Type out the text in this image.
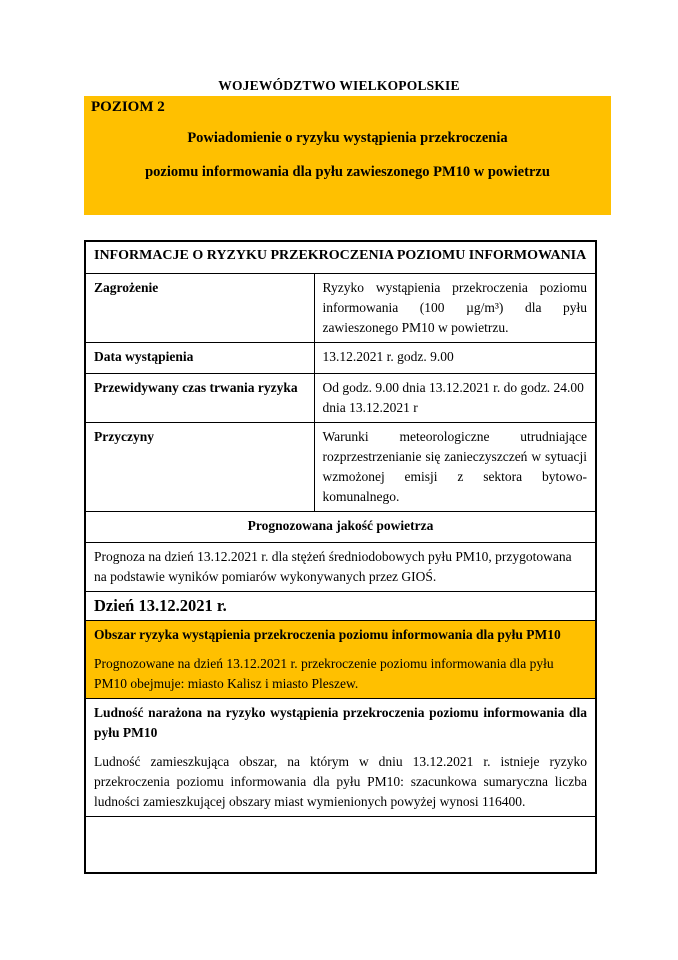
WOJEWÓDZTWO WIELKOPOLSKIE
POZIOM 2
Powiadomienie o ryzyku wystąpienia przekroczenia
poziomu informowania dla pyłu zawieszonego PM10 w powietrzu
INFORMACJE O RYZYKU PRZEKROCZENIA POZIOMU INFORMOWANIA	
Zagrożenie	Ryzyko wystąpienia przekroczenia poziomu informowania (100 µg/m³) dla pyłu zawieszonego PM10 w powietrzu.
Data wystąpienia	13.12.2021 r. godz. 9.00
Przewidywany czas trwania ryzyka	Od godz. 9.00 dnia 13.12.2021 r. do godz. 24.00 dnia 13.12.2021 r
Przyczyny	Warunki meteorologiczne utrudniające rozprzestrzenianie się zanieczyszczeń w sytuacji wzmożonej emisji z sektora bytowo-komunalnego.
Prognozowana jakość powietrza	
Prognoza na dzień 13.12.2021 r. dla stężeń średniodobowych pyłu PM10, przygotowana na podstawie wyników pomiarów wykonywanych przez GIOŚ.	
Dzień 13.12.2021 r.	

Obszar ryzyka wystąpienia przekroczenia poziomu informowania dla pyłu PM10

Prognozowane na dzień 13.12.2021 r. przekroczenie poziomu informowania dla pyłu PM10 obejmuje: miasto Kalisz i miasto Pleszew.	

Ludność narażona na ryzyko wystąpienia przekroczenia poziomu informowania dla pyłu PM10

Ludność zamieszkująca obszar, na którym w dniu 13.12.2021 r. istnieje ryzyko przekroczenia poziomu informowania dla pyłu PM10: szacunkowa sumaryczna liczba ludności zamieszkującej obszary miast wymienionych powyżej wynosi 116400.	
